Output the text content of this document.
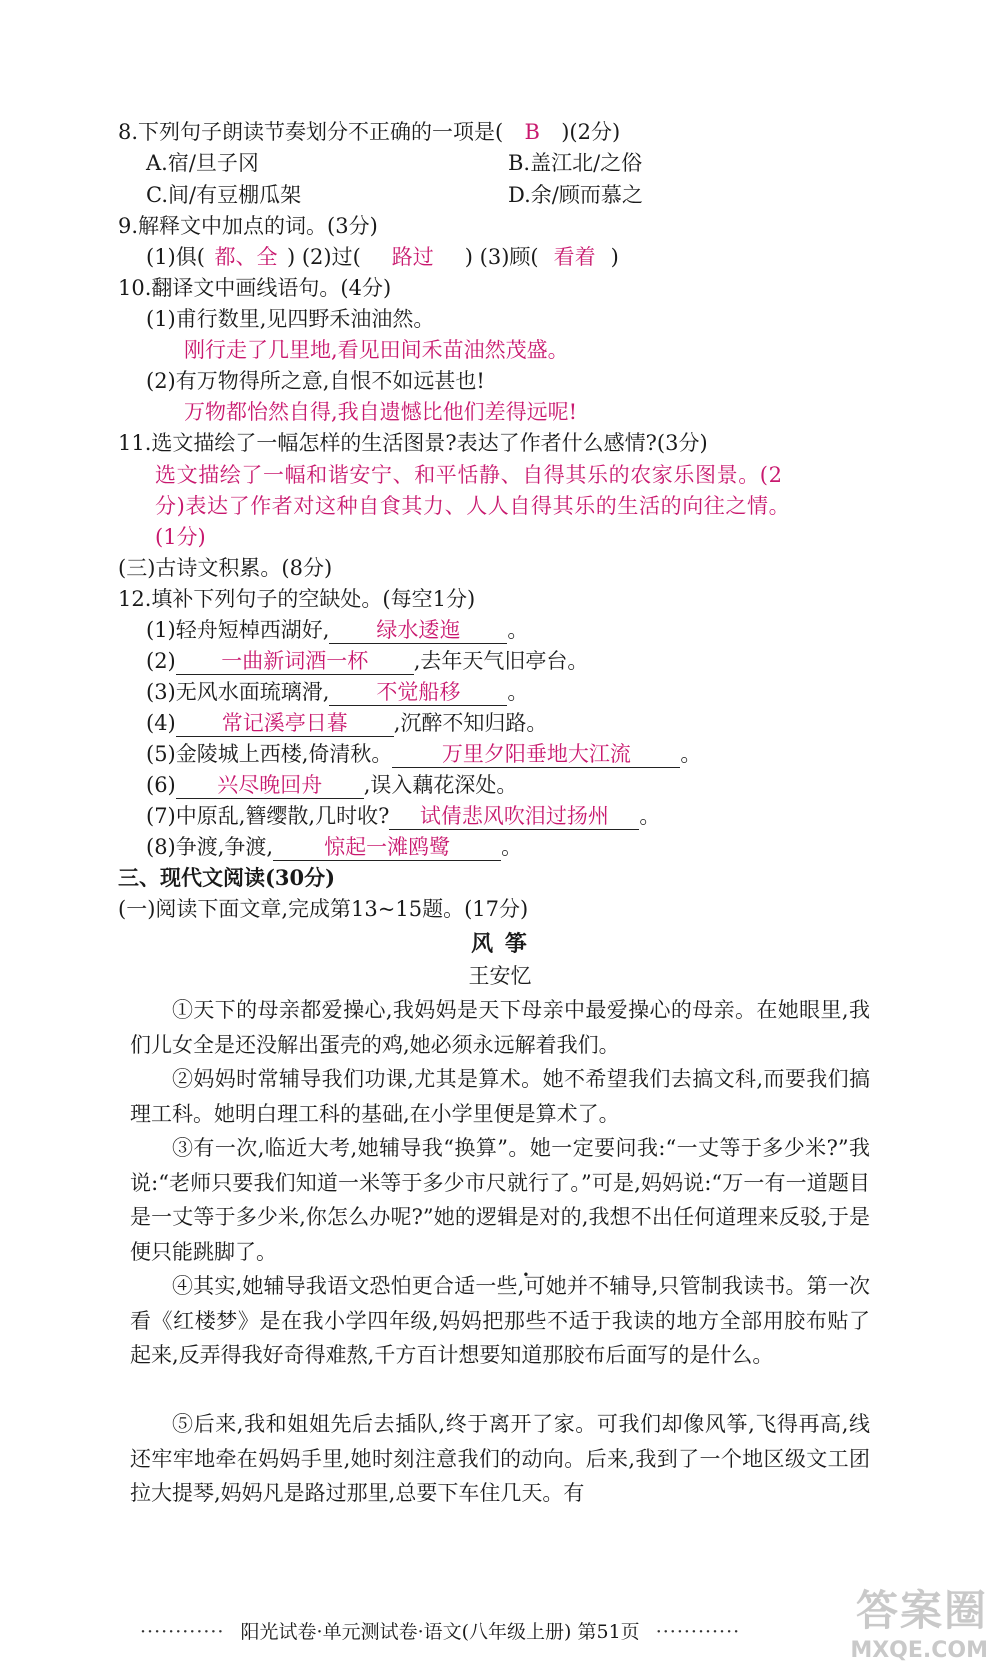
8.下列句子朗读节奏划分不正确的一项是( B )(2分)
A.宿/旦子冈	B.盖江北/之俗
C.间/有豆棚瓜架	D.余/顾而慕之
9.解释文中加点的词。(3分)
(1)俱( 都、全 ) (2)过( 路过 ) (3)顾( 看着 )
10.翻译文中画线语句。(4分)
(1)甫行数里,见四野禾油油然。
刚行走了几里地,看见田间禾苗油然茂盛。
(2)有万物得所之意,自恨不如远甚也!
万物都怡然自得,我自遗憾比他们差得远呢!
11.选文描绘了一幅怎样的生活图景?表达了作者什么感情?(3分)
选文描绘了一幅和谐安宁、和平恬静、自得其乐的农家乐图景。(2
分)表达了作者对这种自食其力、人人自得其乐的生活的向往之情。
(1分)
(三)古诗文积累。(8分)
12.填补下列句子的空缺处。(每空1分)
(1)轻舟短棹西湖好, 绿水逶迤 。
(2) 一曲新词酒一杯 ,去年天气旧亭台。
(3)无风水面琉璃滑, 不觉船移 。
(4) 常记溪亭日暮 ,沉醉不知归路。
(5)金陵城上西楼,倚清秋。 万里夕阳垂地大江流 。
(6) 兴尽晚回舟 ,误入藕花深处。
(7)中原乱,簪缨散,几时收? 试倩悲风吹泪过扬州 。
(8)争渡,争渡, 惊起一滩鸥鹭 。
三、现代文阅读(30分)
(一)阅读下面文章,完成第13~15题。(17分)
风 筝
王安忆
①天下的母亲都爱操心,我妈妈是天下母亲中最爱操心的母亲。在她眼里,我们儿女全是还没解出蛋壳的鸡,她必须永远解着我们。
②妈妈时常辅导我们功课,尤其是算术。她不希望我们去搞文科,而要我们搞理工科。她明白理工科的基础,在小学里便是算术了。
③有一次,临近大考,她辅导我“换算”。她一定要问我:“一丈等于多少米?”我说:“老师只要我们知道一米等于多少市尺就行了。”可是,妈妈说:“万一有一道题目是一丈等于多少米,你怎么办呢?”她的逻辑是对的,我想不出任何道理来反驳,于是便只能跳脚了。
④其实,她辅导我语文恐怕更合适一些,可她并不辅导,只管制我读书。第一次看《红楼梦》是在我小学四年级,妈妈把那些不适于我读的地方全部用胶布贴了起来,反弄得我好奇得难熬,千方百计想要知道那胶布后面写的是什么。
⑤后来,我和姐姐先后去插队,终于离开了家。可我们却像风筝,飞得再高,线还牢牢地牵在妈妈手里,她时刻注意我们的动向。后来,我到了一个地区级文工团拉大提琴,妈妈凡是路过那里,总要下车住几天。有
············ 阳光试卷·单元测试卷·语文(八年级上册) 第51页 ············	答案圈
MXQE.COM
